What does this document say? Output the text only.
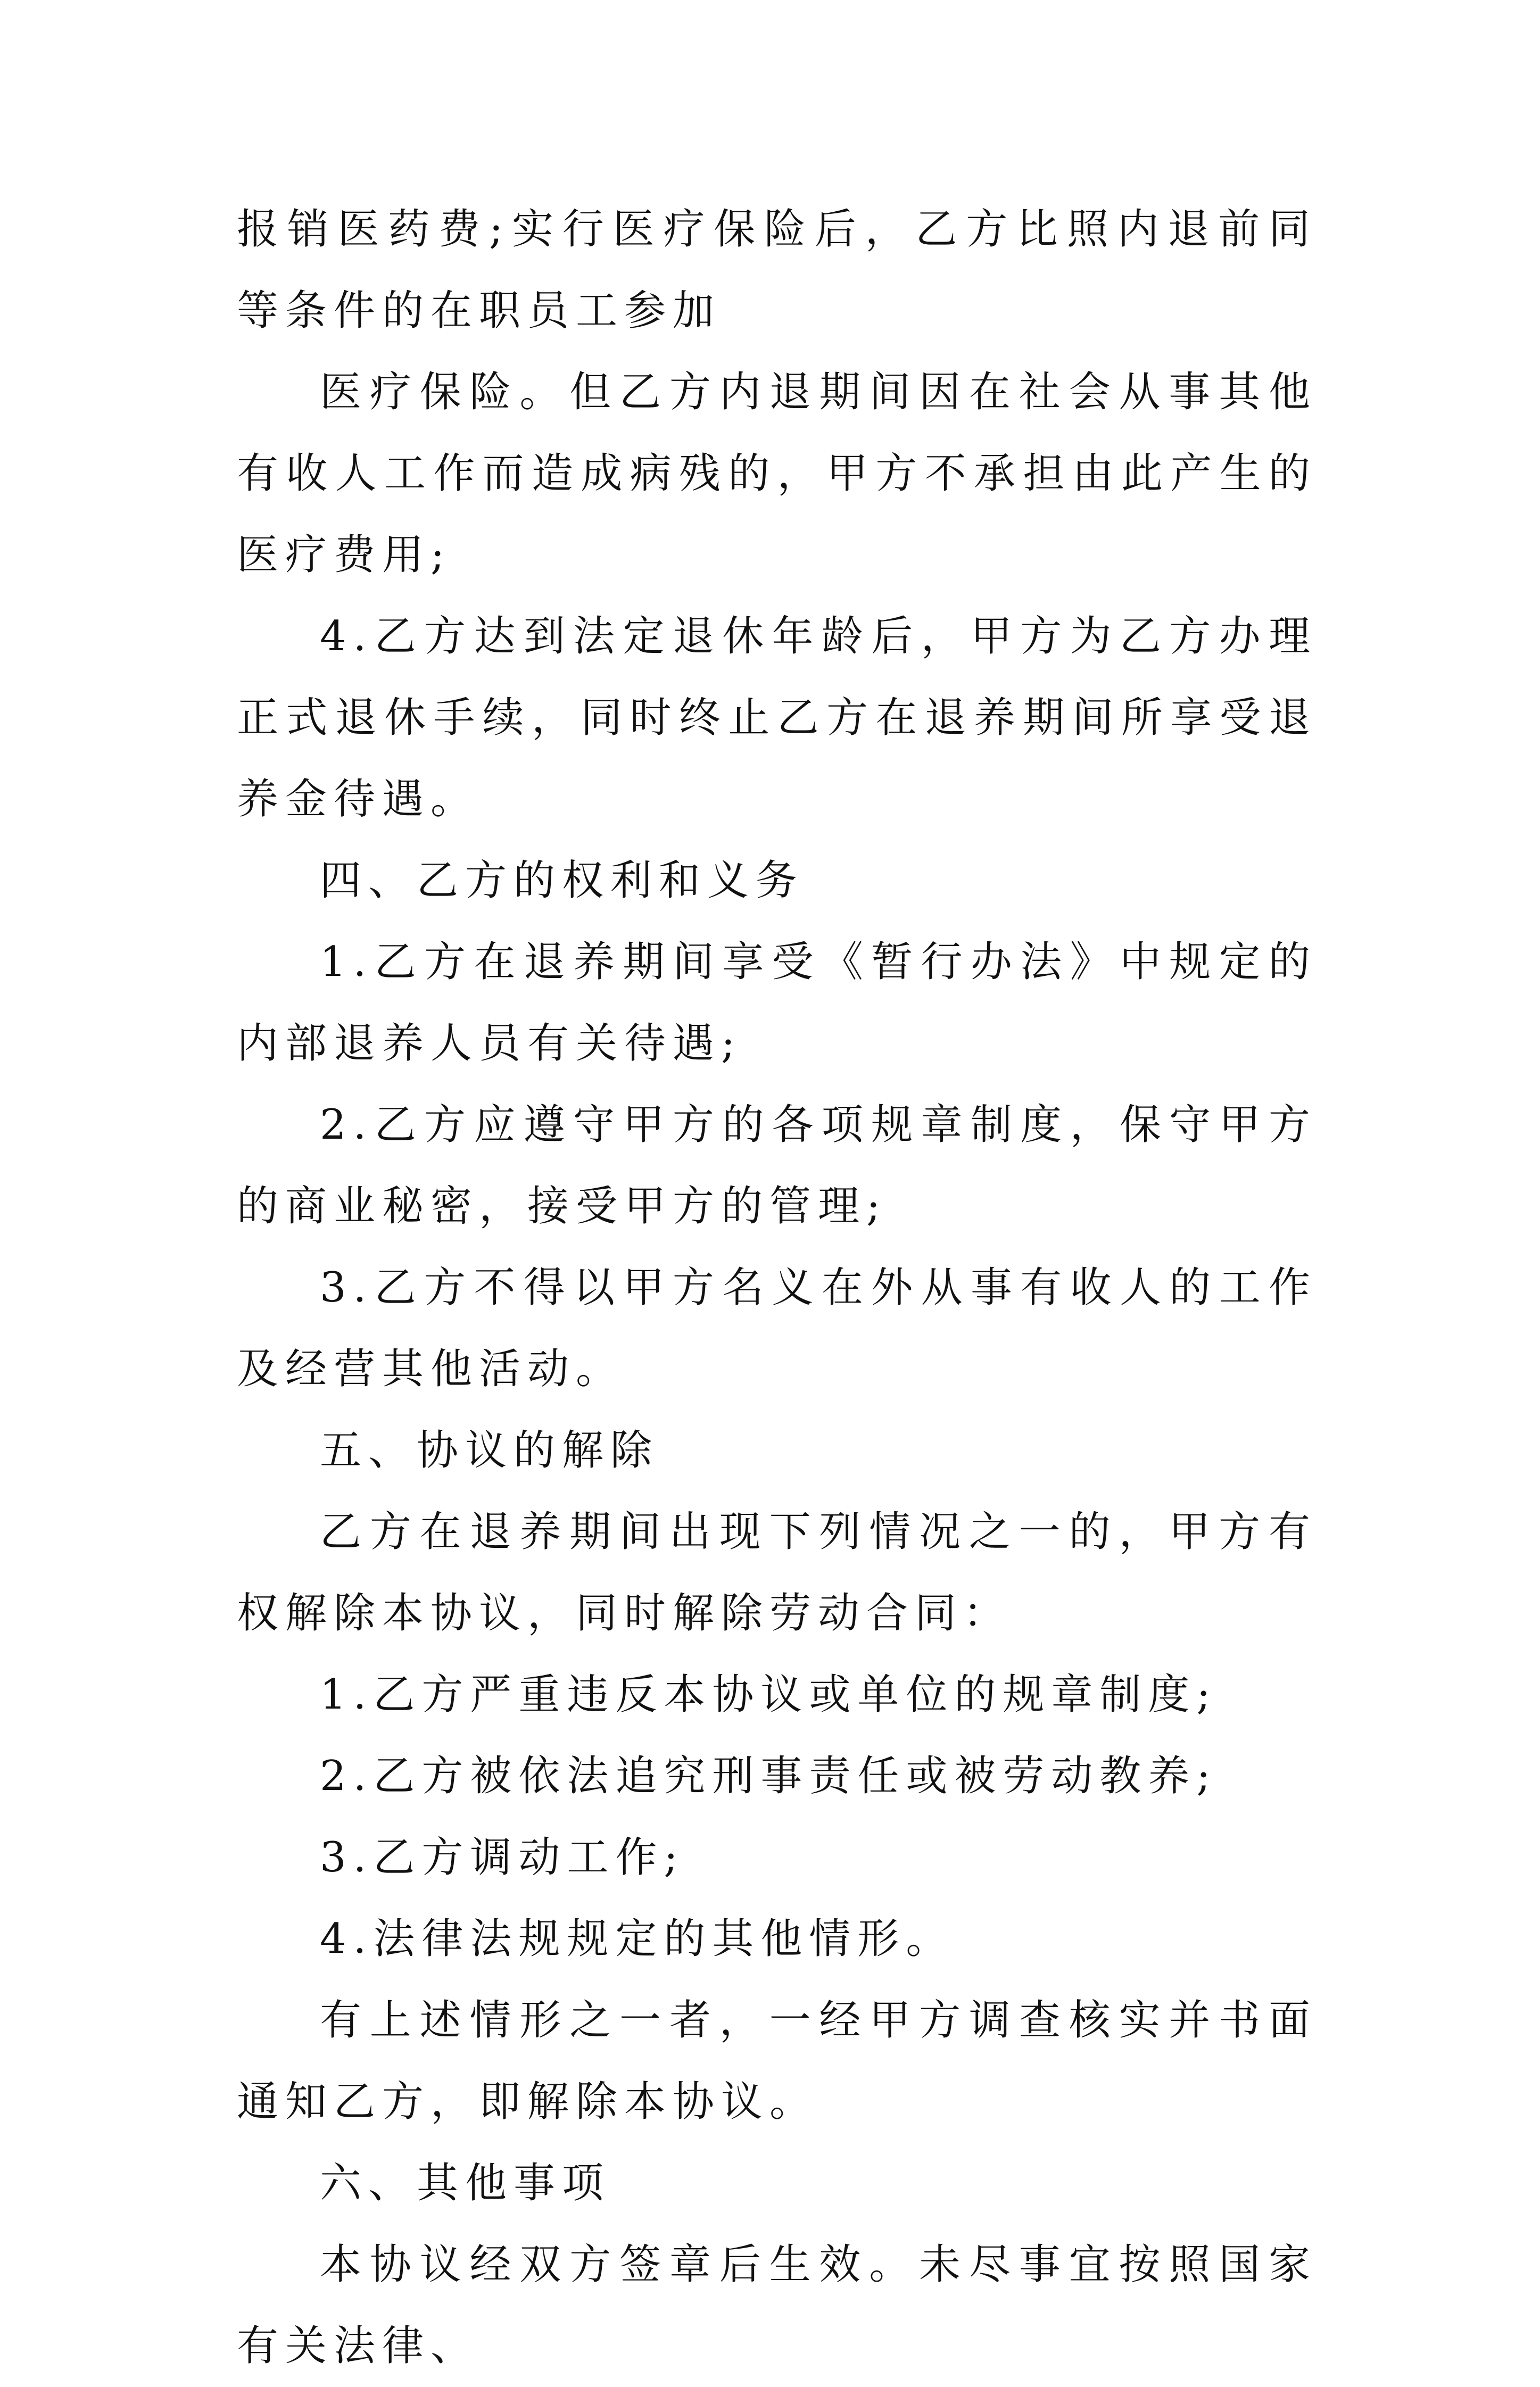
报销医药费;实行医疗保险后，乙方比照内退前同等条件的在职员工参加

医疗保险。但乙方内退期间因在社会从事其他有收人工作而造成病残的，甲方不承担由此产生的医疗费用;

4.乙方达到法定退休年龄后，甲方为乙方办理正式退休手续，同时终止乙方在退养期间所享受退养金待遇。

四、乙方的权利和义务

1.乙方在退养期间享受《暂行办法》中规定的内部退养人员有关待遇;

2.乙方应遵守甲方的各项规章制度，保守甲方的商业秘密，接受甲方的管理;

3.乙方不得以甲方名义在外从事有收人的工作及经营其他活动。

五、协议的解除

乙方在退养期间出现下列情况之一的，甲方有权解除本协议，同时解除劳动合同：

1.乙方严重违反本协议或单位的规章制度;

2.乙方被依法追究刑事责任或被劳动教养;

3.乙方调动工作;

4.法律法规规定的其他情形。

有上述情形之一者，一经甲方调查核实并书面通知乙方，即解除本协议。

六、其他事项

本协议经双方签章后生效。未尽事宜按照国家有关法律、
